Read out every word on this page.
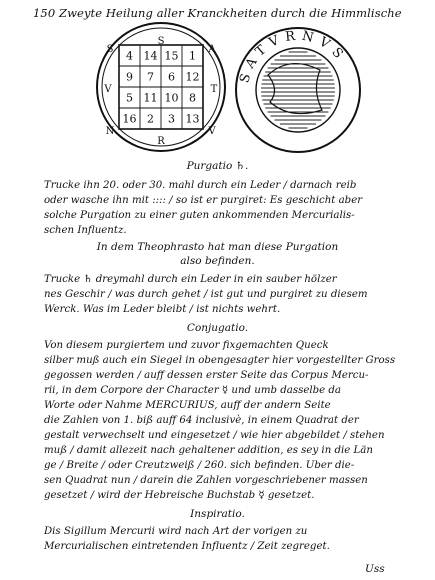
150 Zweyte Heilung aller Kranckheiten durch die Himmlische
4 14 15 1
9 7 6 12
5 11 10 8
16 2 3 13
S
A
T
V
R
N
V
S
SATVRNVS
Purgatio ♄.
Trucke ihn 20. oder 30. mahl durch ein Leder / darnach reib
oder wasche ihn mit :::: / so ist er purgiret: Es geschicht aber
solche Purgation zu einer guten ankommenden Mercurialis-
schen Influentz.
In dem Theophrasto hat man diese Purgation
also befinden.
Trucke ♄ dreymahl durch ein Leder in ein sauber hölzer
nes Geschir / was durch gehet / ist gut und purgiret zu diesem
Werck. Was im Leder bleibt / ist nichts wehrt.
Conjugatio.
Von diesem purgiertem und zuvor fixgemachten Queck
silber muß auch ein Siegel in obengesagter hier vorgestellter Gross
gegossen werden / auff dessen erster Seite das Corpus Mercu-
rii, in dem Corpore der Character ☿ und umb dasselbe da
Worte oder Nahme MERCURIUS, auff der andern Seite
die Zahlen von 1. biß auff 64 inclusivè, in einem Quadrat der
gestalt verwechselt und eingesetzet / wie hier abgebildet / stehen
muß / damit allezeit nach gehaltener addition, es sey in die Län
ge / Breite / oder Creutzweiß / 260. sich befinden. Uber die-
sen Quadrat nun / darein die Zahlen vorgeschriebener massen
gesetzet / wird der Hebreische Buchstab ☿ gesetzet.
Inspiratio.
Dis Sigillum Mercurii wird nach Art der vorigen zu
Mercurialischen eintretenden Influentz / Zeit zegreget.
Uss
